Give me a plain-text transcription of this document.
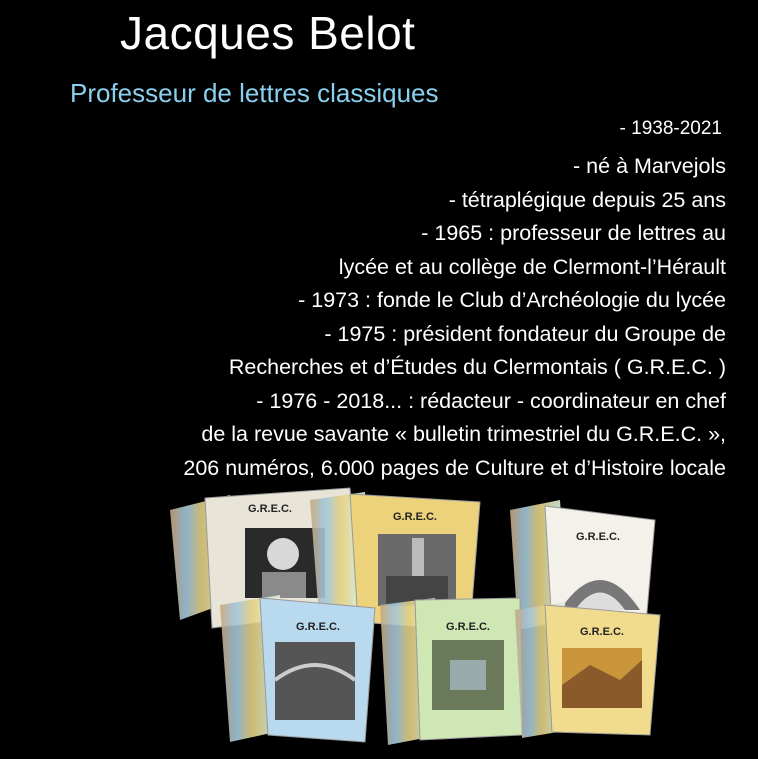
Jacques Belot
Professeur de lettres classiques
- 1938-2021
- né à Marvejols
- tétraplégique depuis 25 ans
- 1965 : professeur de lettres au
lycée et au collège de Clermont-l’Hérault
- 1973 : fonde le Club d’Archéologie du lycée
- 1975 : président fondateur du Groupe de
Recherches et d’Études du Clermontais ( G.R.E.C. )
- 1976 - 2018... : rédacteur - coordinateur en chef
de la revue savante « bulletin trimestriel du G.R.E.C. »,
206 numéros, 6.000 pages de Culture et d’Histoire locale
G.R.E.C.
G.R.E.C.
G.R.E.C.
G.R.E.C.	G.R.E.C.	G.R.E.C.
